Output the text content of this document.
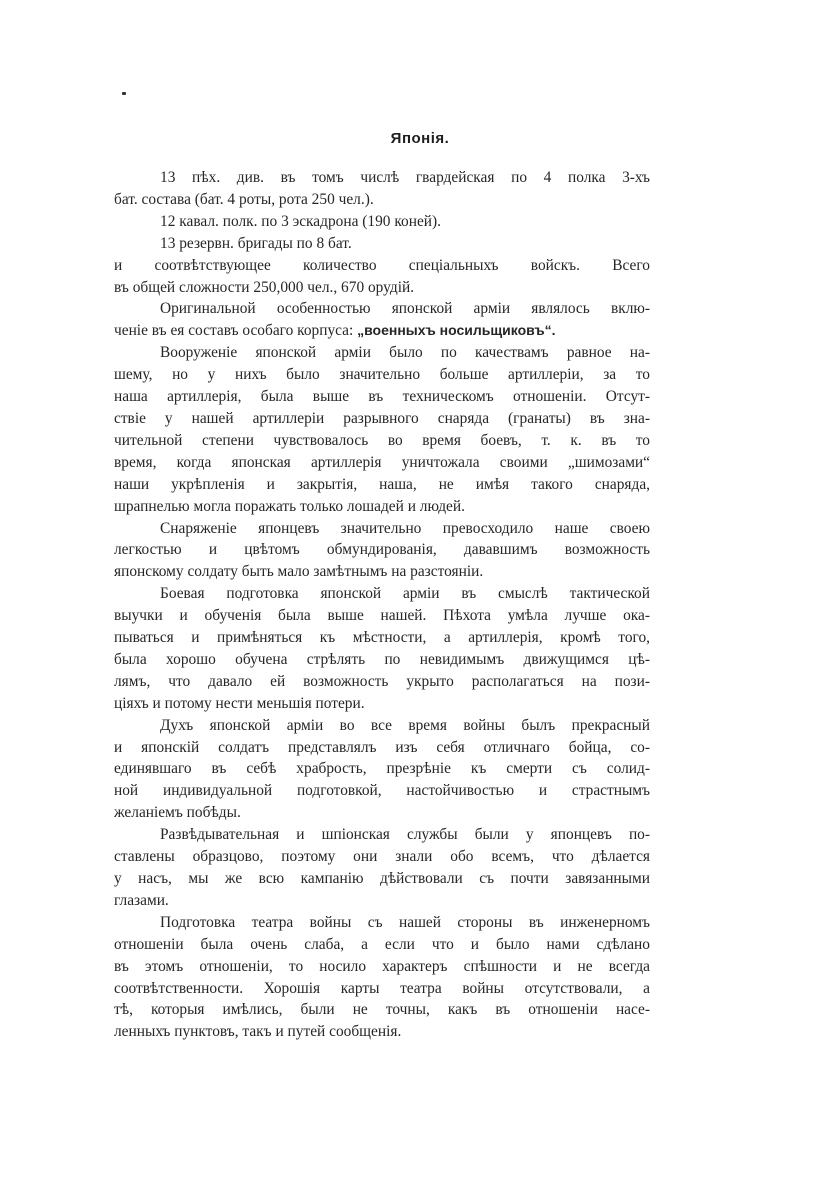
Японія.
13 пѣх. див. въ томъ числѣ гвардейская по 4 полка 3-хъ
бат. состава (бат. 4 роты, рота 250 чел.).
12 кавал. полк. по 3 эскадрона (190 коней).
13 резервн. бригады по 8 бат.
и соотвѣтствующее количество спеціальныхъ войскъ. Всего
въ общей сложности 250,000 чел., 670 орудій.
Оригинальной особенностью японской арміи являлось вклю-
ченіе въ ея составъ особаго корпуса: „военныхъ носильщиковъ“.
Вооруженіе японской арміи было по качествамъ равное на-
шему, но у нихъ было значительно больше артиллеріи, за то
наша артиллерія, была выше въ техническомъ отношеніи. Отсут-
ствіе у нашей артиллеріи разрывного снаряда (гранаты) въ зна-
чительной степени чувствовалось во время боевъ, т. к. въ то
время, когда японская артиллерія уничтожала своими „шимозами“
наши укрѣпленія и закрытія, наша, не имѣя такого снаряда,
шрапнелью могла поражать только лошадей и людей.
Снаряженіе японцевъ значительно превосходило наше своею
легкостью и цвѣтомъ обмундированія, дававшимъ возможность
японскому солдату быть мало замѣтнымъ на разстояніи.
Боевая подготовка японской арміи въ смыслѣ тактической
выучки и обученія была выше нашей. Пѣхота умѣла лучше ока-
пываться и примѣняться къ мѣстности, а артиллерія, кромѣ того,
была хорошо обучена стрѣлять по невидимымъ движущимся цѣ-
лямъ, что давало ей возможность укрыто располагаться на пози-
ціяхъ и потому нести меньшія потери.
Духъ японской арміи во все время войны былъ прекрасный
и японскій солдатъ представлялъ изъ себя отличнаго бойца, со-
единявшаго въ себѣ храбрость, презрѣніе къ смерти съ солид-
ной индивидуальной подготовкой, настойчивостью и страстнымъ
желаніемъ побѣды.
Развѣдывательная и шпіонская службы были у японцевъ по-
ставлены образцово, поэтому они знали обо всемъ, что дѣлается
у насъ, мы же всю кампанію дѣйствовали съ почти завязанными
глазами.
Подготовка театра войны съ нашей стороны въ инженерномъ
отношеніи была очень слаба, а если что и было нами сдѣлано
въ этомъ отношеніи, то носило характеръ спѣшности и не всегда
соотвѣтственности. Хорошія карты театра войны отсутствовали, а
тѣ, которыя имѣлись, были не точны, какъ въ отношеніи насе-
ленныхъ пунктовъ, такъ и путей сообщенія.
